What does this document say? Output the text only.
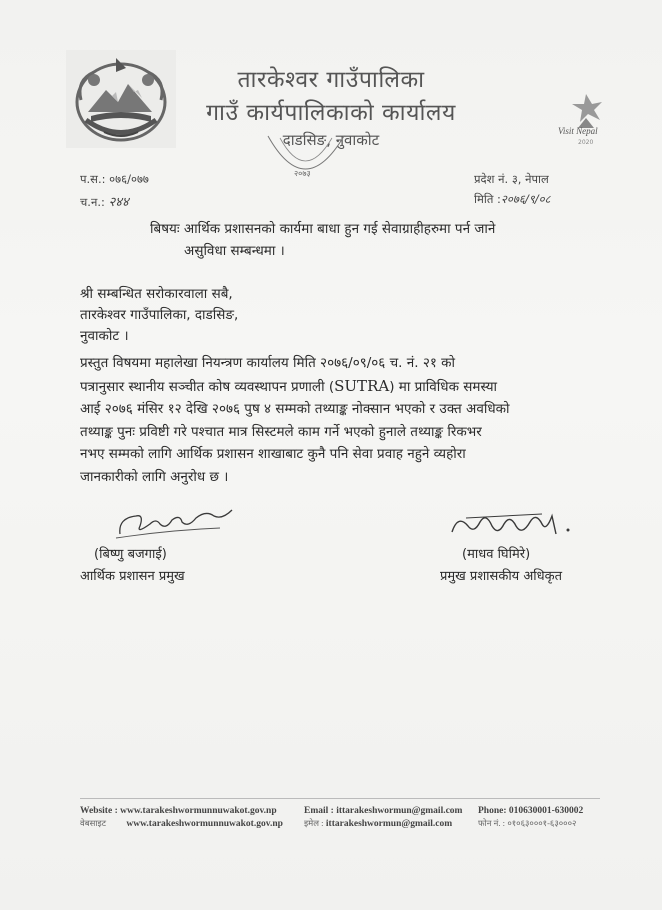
तारकेश्वर गाउँपालिका
गाउँ कार्यपालिकाको कार्यालय
दाडसिङ, नुवाकोट
२०७३
Visit Nepal
2020
प.स.: ०७६/०७७
च.न.: २४४
प्रदेश नं. ३, नेपाल
मिति :२०७६/९/०८
बिषयः आर्थिक प्रशासनको कार्यमा बाधा हुन गई सेवाग्राहीहरुमा पर्न जाने
असुविधा सम्बन्धमा ।
श्री सम्बन्धित सरोकारवाला सबै,
तारकेश्वर गाउँपालिका, दाडसिङ,
नुवाकोट ।
प्रस्तुत विषयमा महालेखा नियन्त्रण कार्यालय मिति २०७६/०९/०६ च. नं. २१ को
पत्रानुसार स्थानीय सञ्चीत कोष व्यवस्थापन प्रणाली (SUTRA) मा प्राविधिक समस्या
आई २०७६ मंसिर १२ देखि २०७६ पुष ४ सम्मको तथ्याङ्क नोक्सान भएको र उक्त अवधिको
तथ्याङ्क पुनः प्रविष्टी गरे पश्चात मात्र सिस्टमले काम गर्ने भएको हुनाले तथ्याङ्क रिकभर
नभए सम्मको लागि आर्थिक प्रशासन शाखाबाट कुनै पनि सेवा प्रवाह नहुने व्यहोरा
जानकारीको लागि अनुरोध छ ।
(बिष्णु बजगाई)
आर्थिक प्रशासन प्रमुख
(माधव घिमिरे)
प्रमुख प्रशासकीय अधिकृत
Website : www.tarakeshwormunnuwakot.gov.np
वेबसाइट www.tarakeshwormunnuwakot.gov.np
Email : ittarakeshwormun@gmail.com
इमेल : ittarakeshwormun@gmail.com
Phone: 010630001-630002
फोन नं. : ०१०६३०००१-६३०००२
